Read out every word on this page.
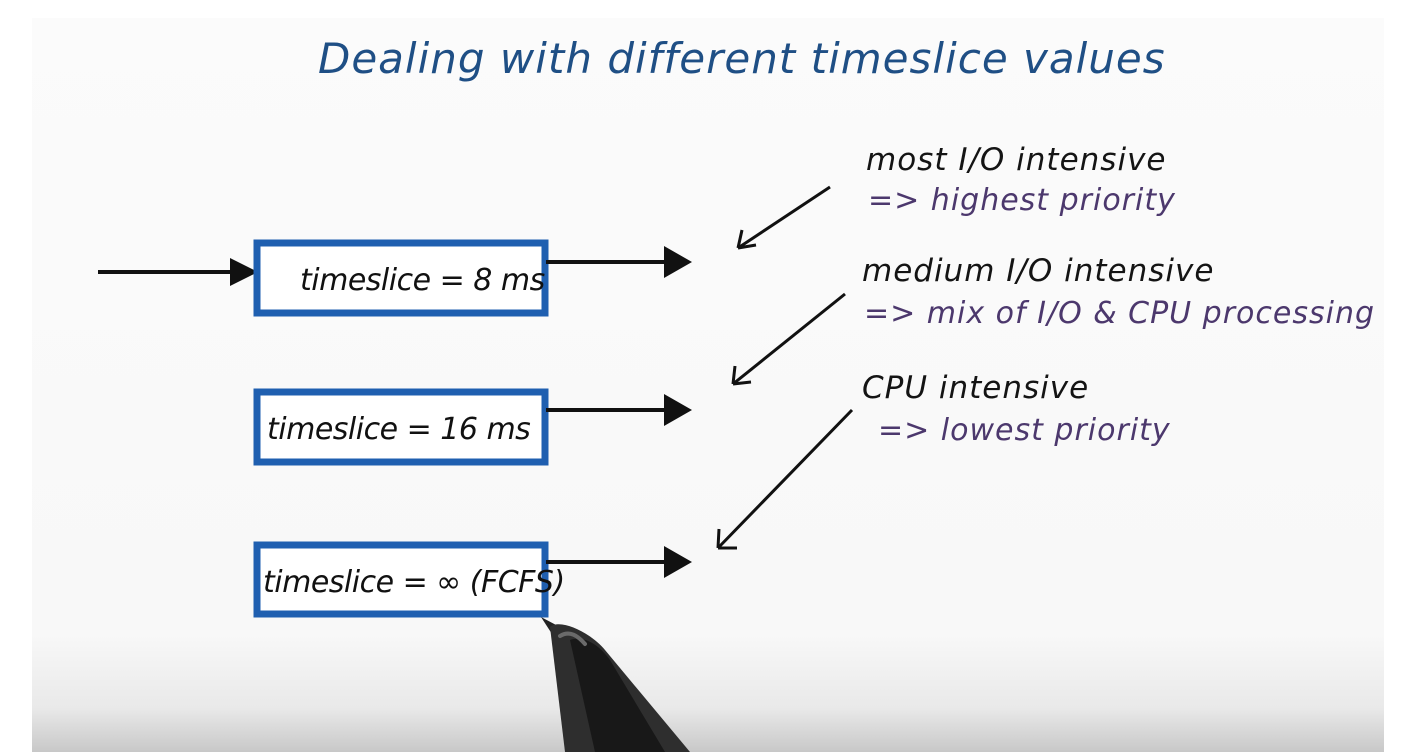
Dealing with different timeslice values
timeslice = 8 ms
timeslice = 16 ms
timeslice = ∞ (FCFS)
most I/O intensive
=> highest priority
medium I/O intensive
=> mix of I/O & CPU processing
CPU intensive
=> lowest priority
